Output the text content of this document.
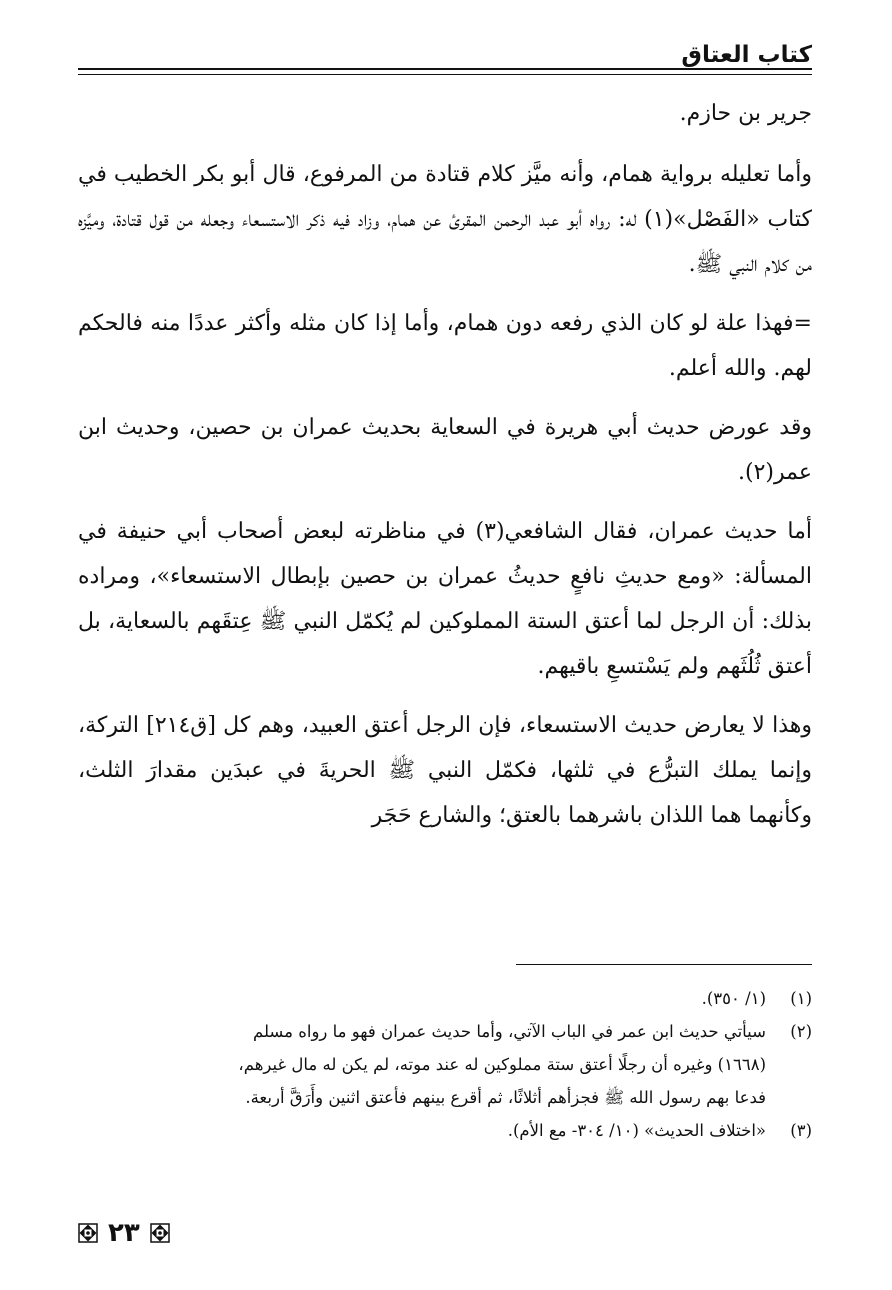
كتاب العتاق

جرير بن حازم.

وأما تعليله برواية همام، وأنه ميَّز كلام قتادة من المرفوع، قال أبو بكر الخطيب في كتاب «الفَصْل»(١) له: رواه أبو عبد الرحمن المقرئ عن همام، وزاد فيه ذكر الاستسعاء وجعله من قول قتادة، وميَّزه من كلام النبي ﷺ.

=فهذا علة لو كان الذي رفعه دون همام، وأما إذا كان مثله وأكثر عددًا منه فالحكم لهم. والله أعلم.

وقد عورض حديث أبي هريرة في السعاية بحديث عمران بن حصين، وحديث ابن عمر(٢).

أما حديث عمران، فقال الشافعي(٣) في مناظرته لبعض أصحاب أبي حنيفة في المسألة: «ومع حديثِ نافعٍ حديثُ عمران بن حصين بإبطال الاستسعاء»، ومراده بذلك: أن الرجل لما أعتق الستة المملوكين لم يُكمّل النبي ﷺ عِتقَهم بالسعاية، بل أعتق ثُلُثَهم ولم يَسْتسعِ باقيهم.

وهذا لا يعارض حديث الاستسعاء، فإن الرجل أعتق العبيد، وهم كل [ق٢١٤] التركة، وإنما يملك التبرُّع في ثلثها، فكمّل النبي ﷺ الحريةَ في عبدَين مقدارَ الثلث، وكأنهما هما اللذان باشرهما بالعتق؛ والشارع حَجَر

(١)
(١/ ٣٥٠).
(٢)
سيأتي حديث ابن عمر في الباب الآتي، وأما حديث عمران فهو ما رواه مسلم
(١٦٦٨) وغيره أن رجلًا أعتق ستة مملوكين له عند موته، لم يكن له مال غيرهم،
فدعا بهم رسول الله ﷺ فجزأهم أثلاثًا، ثم أقرع بينهم فأعتق اثنين وأَرَقَّ أربعة.
(٣)
«اختلاف الحديث» (١٠/ ٣٠٤- مع الأم).
٢٣
